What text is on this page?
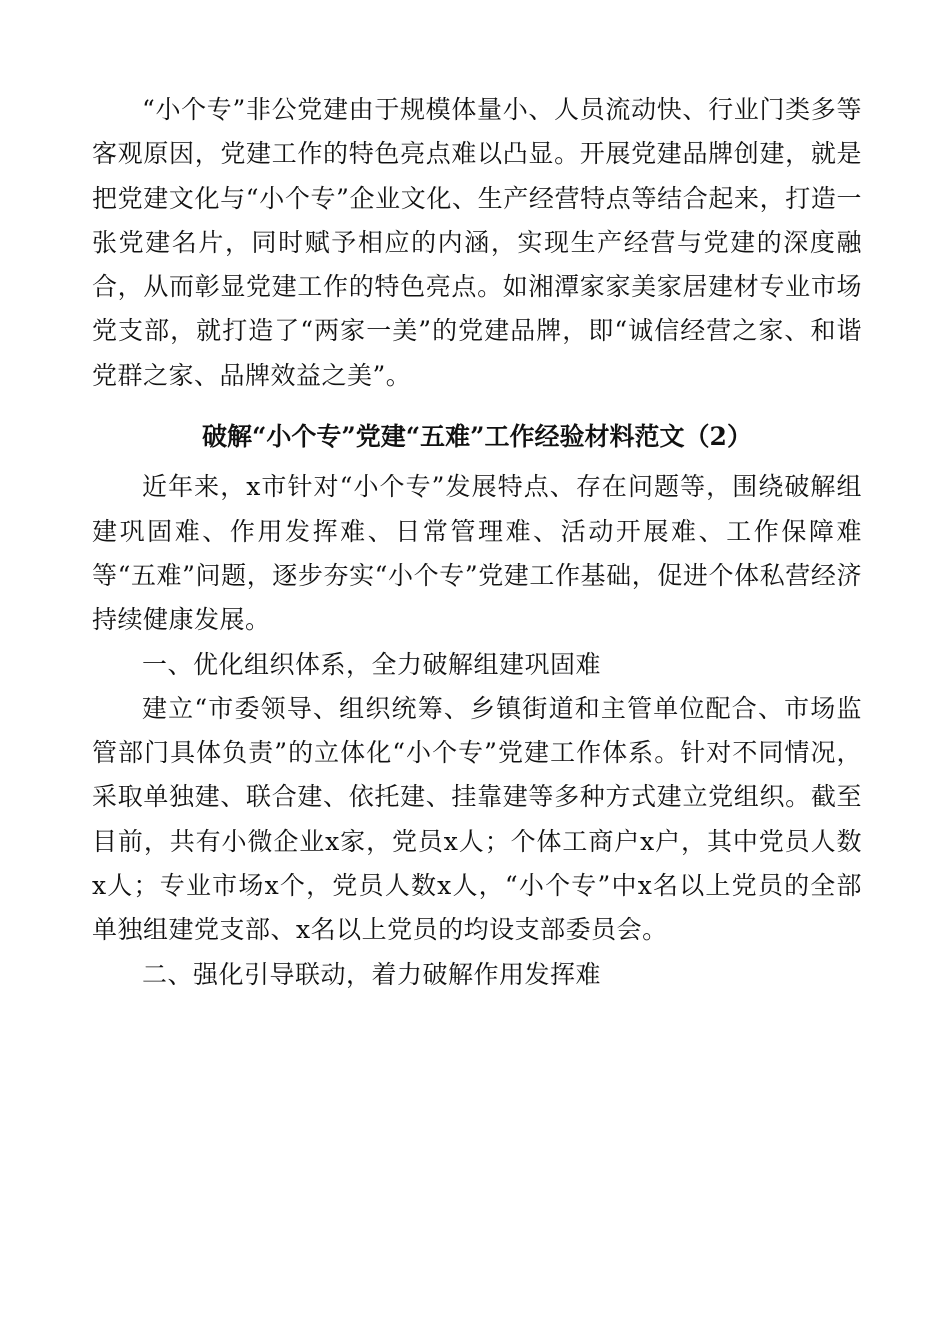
“小个专”非公党建由于规模体量小、人员流动快、行业门类多等客观原因，党建工作的特色亮点难以凸显。开展党建品牌创建，就是把党建文化与“小个专”企业文化、生产经营特点等结合起来，打造一张党建名片，同时赋予相应的内涵，实现生产经营与党建的深度融合，从而彰显党建工作的特色亮点。如湘潭家家美家居建材专业市场党支部，就打造了“两家一美”的党建品牌，即“诚信经营之家、和谐党群之家、品牌效益之美”。

破解“小个专”党建“五难”工作经验材料范文（2）

近年来，x市针对“小个专”发展特点、存在问题等，围绕破解组建巩固难、作用发挥难、日常管理难、活动开展难、工作保障难等“五难”问题，逐步夯实“小个专”党建工作基础，促进个体私营经济持续健康发展。

一、优化组织体系，全力破解组建巩固难

建立“市委领导、组织统筹、乡镇街道和主管单位配合、市场监管部门具体负责”的立体化“小个专”党建工作体系。针对不同情况，采取单独建、联合建、依托建、挂靠建等多种方式建立党组织。截至目前，共有小微企业x家，党员x人；个体工商户x户，其中党员人数x人；专业市场x个，党员人数x人，“小个专”中x名以上党员的全部单独组建党支部、x名以上党员的均设支部委员会。

二、强化引导联动，着力破解作用发挥难
